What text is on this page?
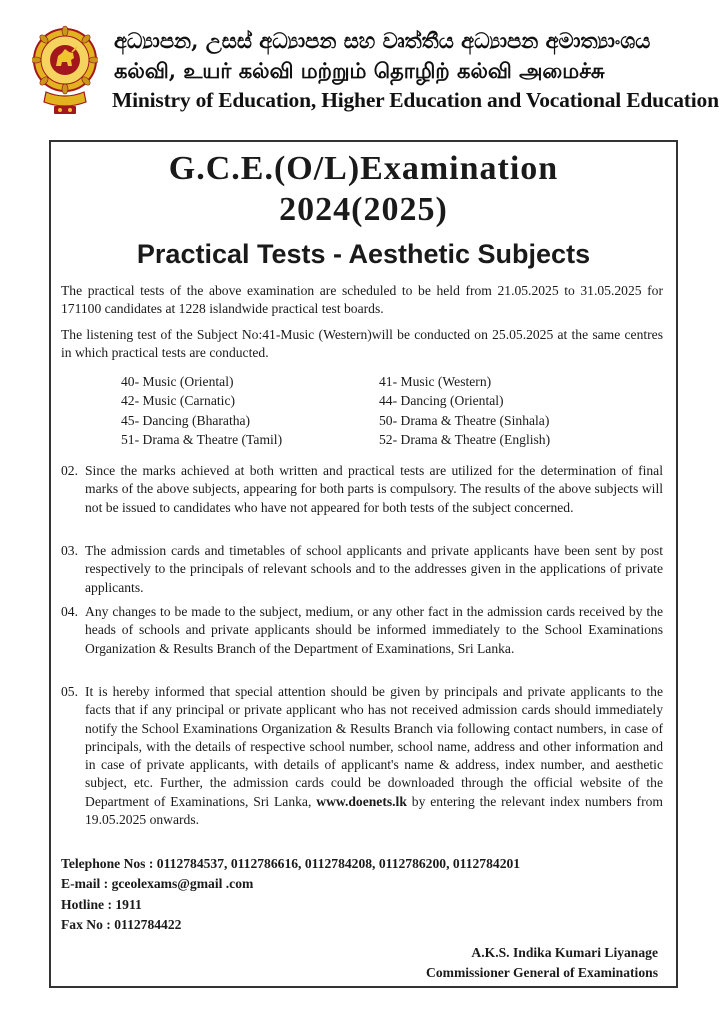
අධ්‍යාපන, උසස් අධ්‍යාපන සහ වෘත්තීය අධ්‍යාපන අමාත්‍යාංශය
கல்வி, உயர் கல்வி மற்றும் தொழிற் கல்வி அமைச்சு
Ministry of Education, Higher Education and Vocational Education
G.C.E.(O/L)Examination
2024(2025)
Practical Tests - Aesthetic Subjects
The practical tests of the above examination are scheduled to be held from 21.05.2025 to 31.05.2025 for 171100 candidates at 1228 islandwide practical test boards.
The listening test of the Subject No:41-Music (Western)will be conducted on 25.05.2025 at the same centres in which practical tests are conducted.
40- Music (Oriental)	41- Music (Western)
42- Music (Carnatic)	44- Dancing (Oriental)
45- Dancing (Bharatha)	50- Drama & Theatre (Sinhala)
51- Drama & Theatre (Tamil)	52- Drama & Theatre (English)
02. Since the marks achieved at both written and practical tests are utilized for the determination of final marks of the above subjects, appearing for both parts is compulsory. The results of the above subjects will not be issued to candidates who have not appeared for both tests of the subject concerned.
03. The admission cards and timetables of school applicants and private applicants have been sent by post respectively to the principals of relevant schools and to the addresses given in the applications of private applicants.
04. Any changes to be made to the subject, medium, or any other fact in the admission cards received by the heads of schools and private applicants should be informed immediately to the School Examinations Organization & Results Branch of the Department of Examinations, Sri Lanka.
05. It is hereby informed that special attention should be given by principals and private applicants to the facts that if any principal or private applicant who has not received admission cards should immediately notify the School Examinations Organization & Results Branch via following contact numbers, in case of principals, with the details of respective school number, school name, address and other information and in case of private applicants, with details of applicant's name & address, index number, and aesthetic subject, etc. Further, the admission cards could be downloaded through the official website of the Department of Examinations, Sri Lanka, www.doenets.lk by entering the relevant index numbers from 19.05.2025 onwards.
Telephone Nos : 0112784537, 0112786616, 0112784208, 0112786200, 0112784201
E-mail : gceolexams@gmail .com
Hotline : 1911
Fax No : 0112784422
A.K.S. Indika Kumari Liyanage
Commissioner General of Examinations
